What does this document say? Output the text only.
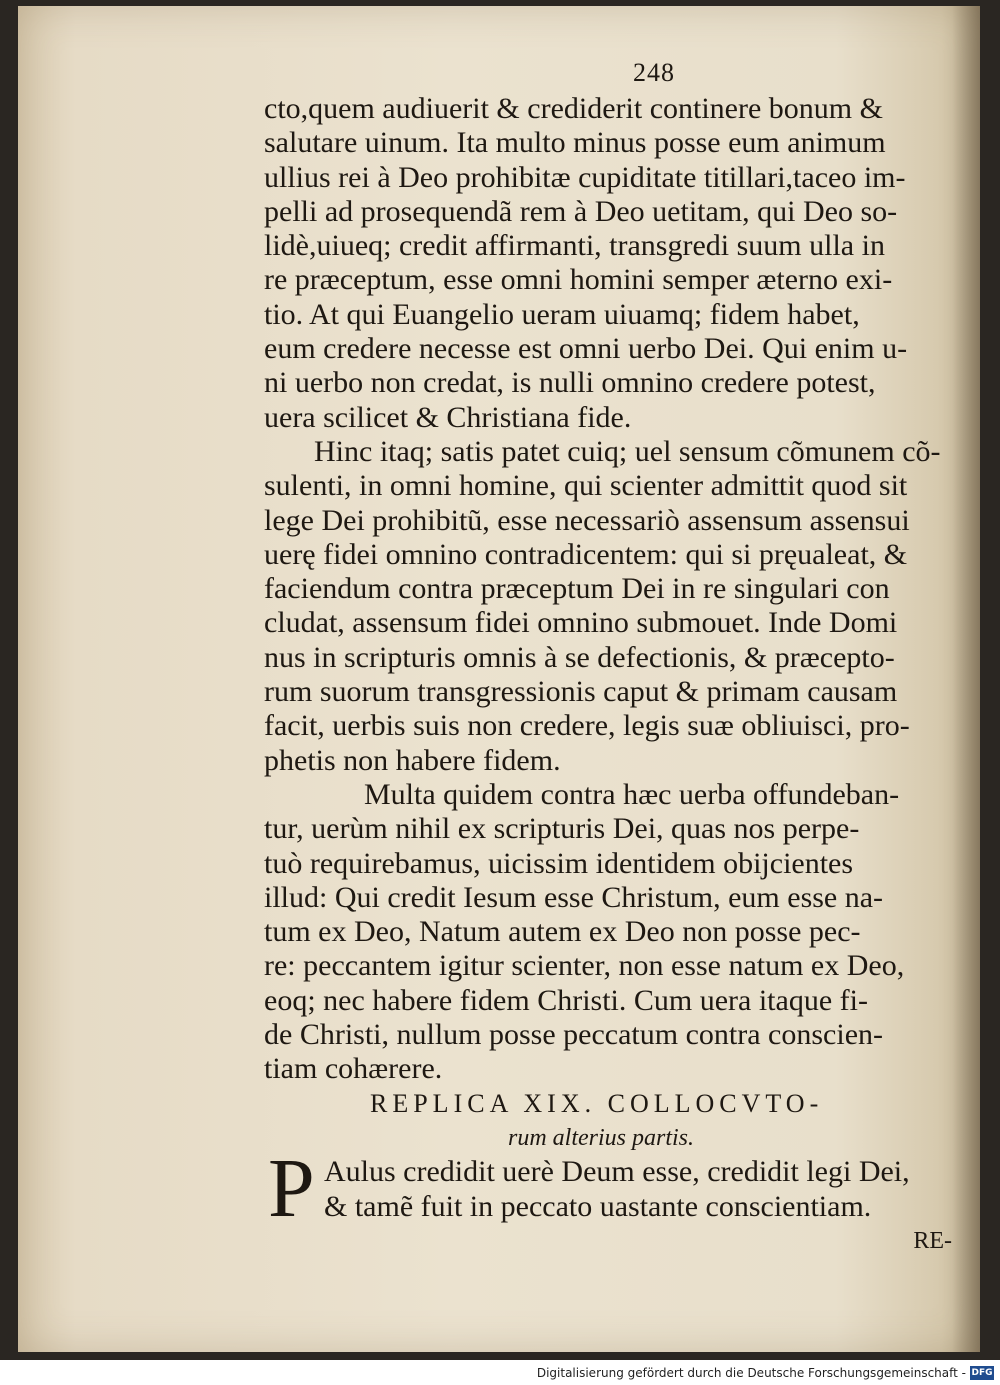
248
cto,quem audiuerit & crediderit continere bonum &
salutare uinum. Ita multo minus posse eum animum
ullius rei à Deo prohibitæ cupiditate titillari,taceo im-
pelli ad prosequendã rem à Deo uetitam, qui Deo so-
lidè,uiueq; credit affirmanti, transgredi suum ulla in
re præceptum, esse omni homini semper æterno exi-
tio. At qui Euangelio ueram uiuamq; fidem habet,
eum credere necesse est omni uerbo Dei. Qui enim u-
ni uerbo non credat, is nulli omnino credere potest,
uera scilicet & Christiana fide.
Hinc itaq; satis patet cuiq; uel sensum cõmunem cõ-
sulenti, in omni homine, qui scienter admittit quod sit
lege Dei prohibitũ, esse necessariò assensum assensui
uerę fidei omnino contradicentem: qui si pręualeat, &
faciendum contra præceptum Dei in re singulari con
cludat, assensum fidei omnino submouet. Inde Domi
nus in scripturis omnis à se defectionis, & præcepto-
rum suorum transgressionis caput & primam causam
facit, uerbis suis non credere, legis suæ obliuisci, pro-
phetis non habere fidem.
Multa quidem contra hæc uerba offundeban-
tur, uerùm nihil ex scripturis Dei, quas nos perpe-
tuò requirebamus, uicissim identidem obijcientes
illud: Qui credit Iesum esse Christum, eum esse na-
tum ex Deo, Natum autem ex Deo non posse pec-
re: peccantem igitur scienter, non esse natum ex Deo,
eoq; nec habere fidem Christi. Cum uera itaque fi-
de Christi, nullum posse peccatum contra conscien-
tiam cohærere.
REPLICA XIX. COLLOCVTO-
rum alterius partis.
P Aulus credidit uerè Deum esse, credidit legi Dei,
& tamẽ fuit in peccato uastante conscientiam.
RE-
Digitalisierung gefördert durch die Deutsche Forschungsgemeinschaft - DFG
